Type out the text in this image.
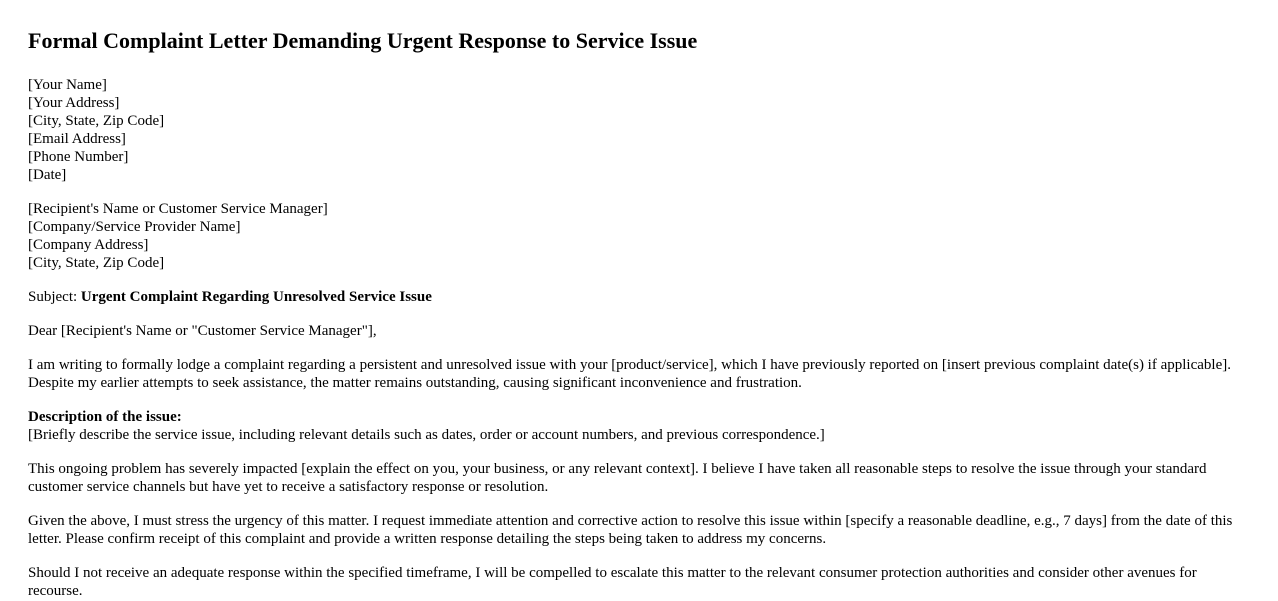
Formal Complaint Letter Demanding Urgent Response to Service Issue
[Your Name]
[Your Address]
[City, State, Zip Code]
[Email Address]
[Phone Number]
[Date]
[Recipient's Name or Customer Service Manager]
[Company/Service Provider Name]
[Company Address]
[City, State, Zip Code]

Subject: Urgent Complaint Regarding Unresolved Service Issue

Dear [Recipient's Name or "Customer Service Manager"],

I am writing to formally lodge a complaint regarding a persistent and unresolved issue with your [product/service], which I have previously reported on [insert previous complaint date(s) if applicable]. Despite my earlier attempts to seek assistance, the matter remains outstanding, causing significant inconvenience and frustration.

Description of the issue:
[Briefly describe the service issue, including relevant details such as dates, order or account numbers, and previous correspondence.]

This ongoing problem has severely impacted [explain the effect on you, your business, or any relevant context]. I believe I have taken all reasonable steps to resolve the issue through your standard customer service channels but have yet to receive a satisfactory response or resolution.

Given the above, I must stress the urgency of this matter. I request immediate attention and corrective action to resolve this issue within [specify a reasonable deadline, e.g., 7 days] from the date of this letter. Please confirm receipt of this complaint and provide a written response detailing the steps being taken to address my concerns.

Should I not receive an adequate response within the specified timeframe, I will be compelled to escalate this matter to the relevant consumer protection authorities and consider other avenues for recourse.
